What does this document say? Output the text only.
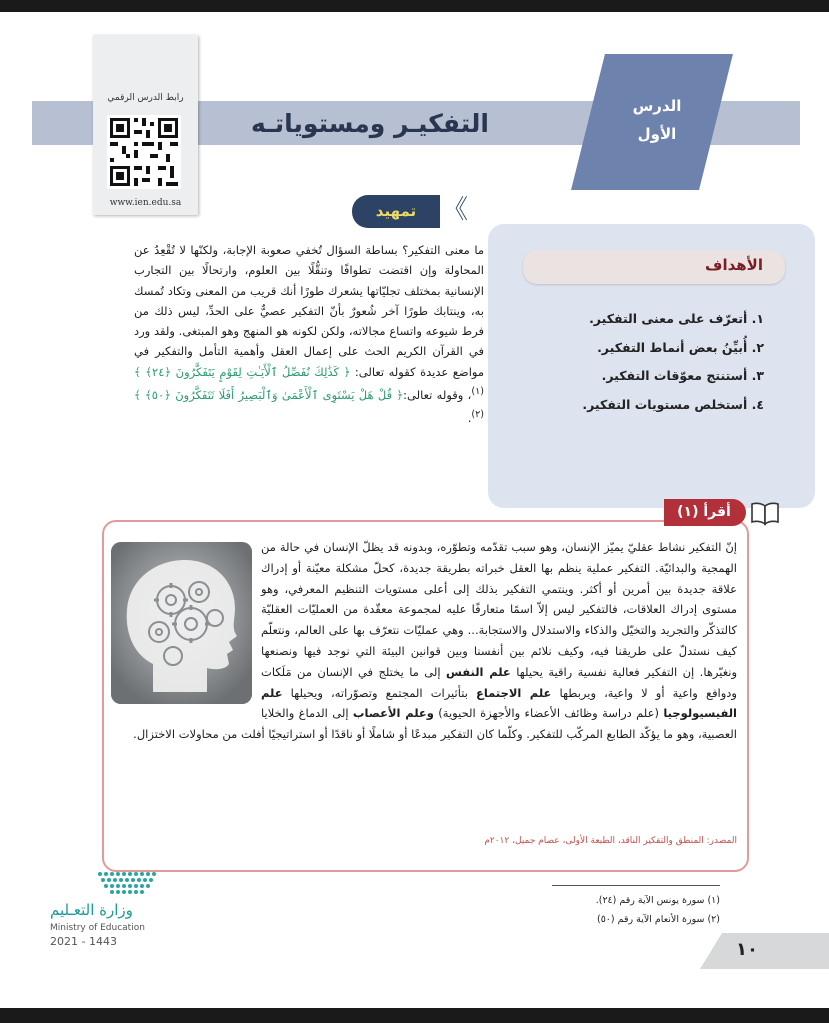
التفكيـر ومستوياتـه
الدرس
الأول
رابط الدرس الرقمي
www.ien.edu.sa	تمهيد 《
ما معنى التفكير؟ بساطة السؤال تُخفي صعوبة الإجابة، ولكنّها لا تُقْعِدُ عن المحاولة وإن اقتضت تطوافًا وتنقُّلًا بين العلوم، وارتحالًا بين التجارب الإنسانية بمختلف تجليّاتها يشعرك طورًا أنك قريب من المعنى وتكاد تُمسك به، وينتابك طورًا آخر شُعورٌ بأنّ التفكير عصيٌّ على الحدِّ، ليس ذلك من فرط شيوعه واتساع مجالاته، ولكن لكونه هو المنهج وهو المبتغى. ولقد ورد في القرآن الكريم الحث على إعمال العقل وأهمية التأمل والتفكير في مواضع عديدة كقوله تعالى: ﴿ كَذَٰلِكَ نُفَصِّلُ ٱلْأَيَـٰتِ لِقَوْمٍ يَتَفَكَّرُونَ ﴿٢٤﴾ ﴾$^{(١)}$، وقوله تعالى:﴿ قُلْ هَلْ يَسْتَوِى ٱلْأَعْمَىٰ وَٱلْبَصِيرُ أَفَلَا تَتَفَكَّرُونَ ﴿٥٠﴾ ﴾$^{(٢)}$.
الأهداف
١. أتعرّف على معنى التفكير.
٢. أُبيِّنُ بعض أنماط التفكير.
٣. أستنتج معوّقات التفكير.
٤. أستخلص مستويات التفكير.
أقرأ (١)
إنّ التفكير نشاط عقليّ يميّز الإنسان، وهو سبب تقدّمه وتطوّره، وبدونه قد يظلّ الإنسان في حالة من الهمجية والبدائيّة. التفكير عملية ينظم بها العقل خبراته بطريقة جديدة، كحلّ مشكلة معيّنة أو إدراك علاقة جديدة بين أمرين أو أكثر. وينتمي التفكير بذلك إلى أعلى مستويات التنظيم المعرفي، وهو مستوى إدراك العلاقات، فالتفكير ليس إلاّ اسمًا متعارفًا عليه لمجموعة معقّدة من العمليّات العقليّة كالتذكّر والتجريد والتخيّل والذكاء والاستدلال والاستجابة... وهي عمليّات نتعرّف بها على العالم، ونتعلّم كيف نستدلّ على طريقنا فيه، وكيف نلائم بين أنفسنا وبين قوانين البيئة التي نوجد فيها ونصنعها ونغيّرها. إن التفكير فعالية نفسية راقية يحيلها علم النفس إلى ما يختلج في الإنسان من مَلَكات ودوافع واعية أو لا واعية، ويربطها علم الاجتماع بتأثيرات المجتمع وتصوّراته، ويحيلها علم الفيسيولوجيا (علم دراسة وظائف الأعضاء والأجهزة الحيوية) وعلم الأعصاب إلى الدماغ والخلايا العصبية، وهو ما يؤكّد الطابع المركّب للتفكير. وكلّما كان التفكير مبدعًا أو شاملًا أو ناقدًا أو استراتيجيًا أفلت من محاولات الاختزال.
المصدر: المنطق والتفكير الناقد، الطبعة الأولى، عصام جميل، ٢٠١٢م
(١) سورة يونس الآية رقم (٢٤).
(٢) سورة الأنعام الآية رقم (٥٠)
١٠
وزارة التعـليم
Ministry of Education
2021 - 1443
